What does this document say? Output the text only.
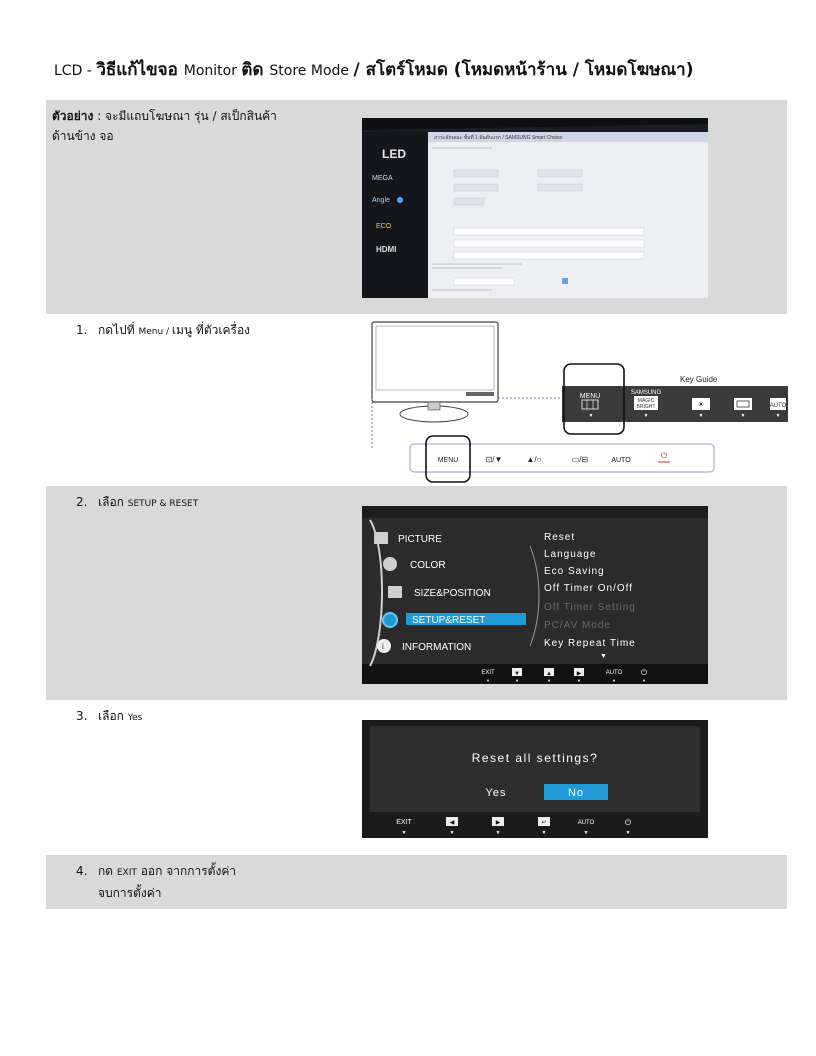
LCD - วิธีแก้ไขจอ Monitor ติด Store Mode / สโตร์โหมด (โหมดหน้าร้าน / โหมดโฆษณา)
ตัวอย่าง : จะมีแถบโฆษณา รุ่น / สเป็กสินค้า
ด้านข้าง จอ
LED
MEGA
Angle
ECO
HDMI
ภาระลักษณะ ชั้นที่ 1 อันดับแรก / SAMSUNG Smart Choice
1. กดไปที่ Menu / เมนู ที่ตัวเครื่อง
Key Guide
MENU
▼
SAMSUNG
MAGIC
BRIGHT
▼
☀
▼	▼
AUTO
▼
MENU	⊡/▼	▲/○	▭/⊟	AUTO
⏻
2. เลือก SETUP & RESET
PICTURE
COLOR
SIZE&POSITION
SETUP&RESET
i INFORMATION
Reset
Language
Eco Saving
Off Timer On/Off
Off Timer Setting
PC/AV Mode
Key Repeat Time
▼
EXIT	▼	▲	▶	AUTO ⏻
▼	▼	▼	▼	▼	▼
3. เลือก Yes
Reset all settings?
Yes	No
EXIT	◀	▶	↵	AUTO	⏻
▼	▼	▼	▼	▼	▼
4. กด EXIT ออก จากการตั้งค่า
จบการตั้งค่า
